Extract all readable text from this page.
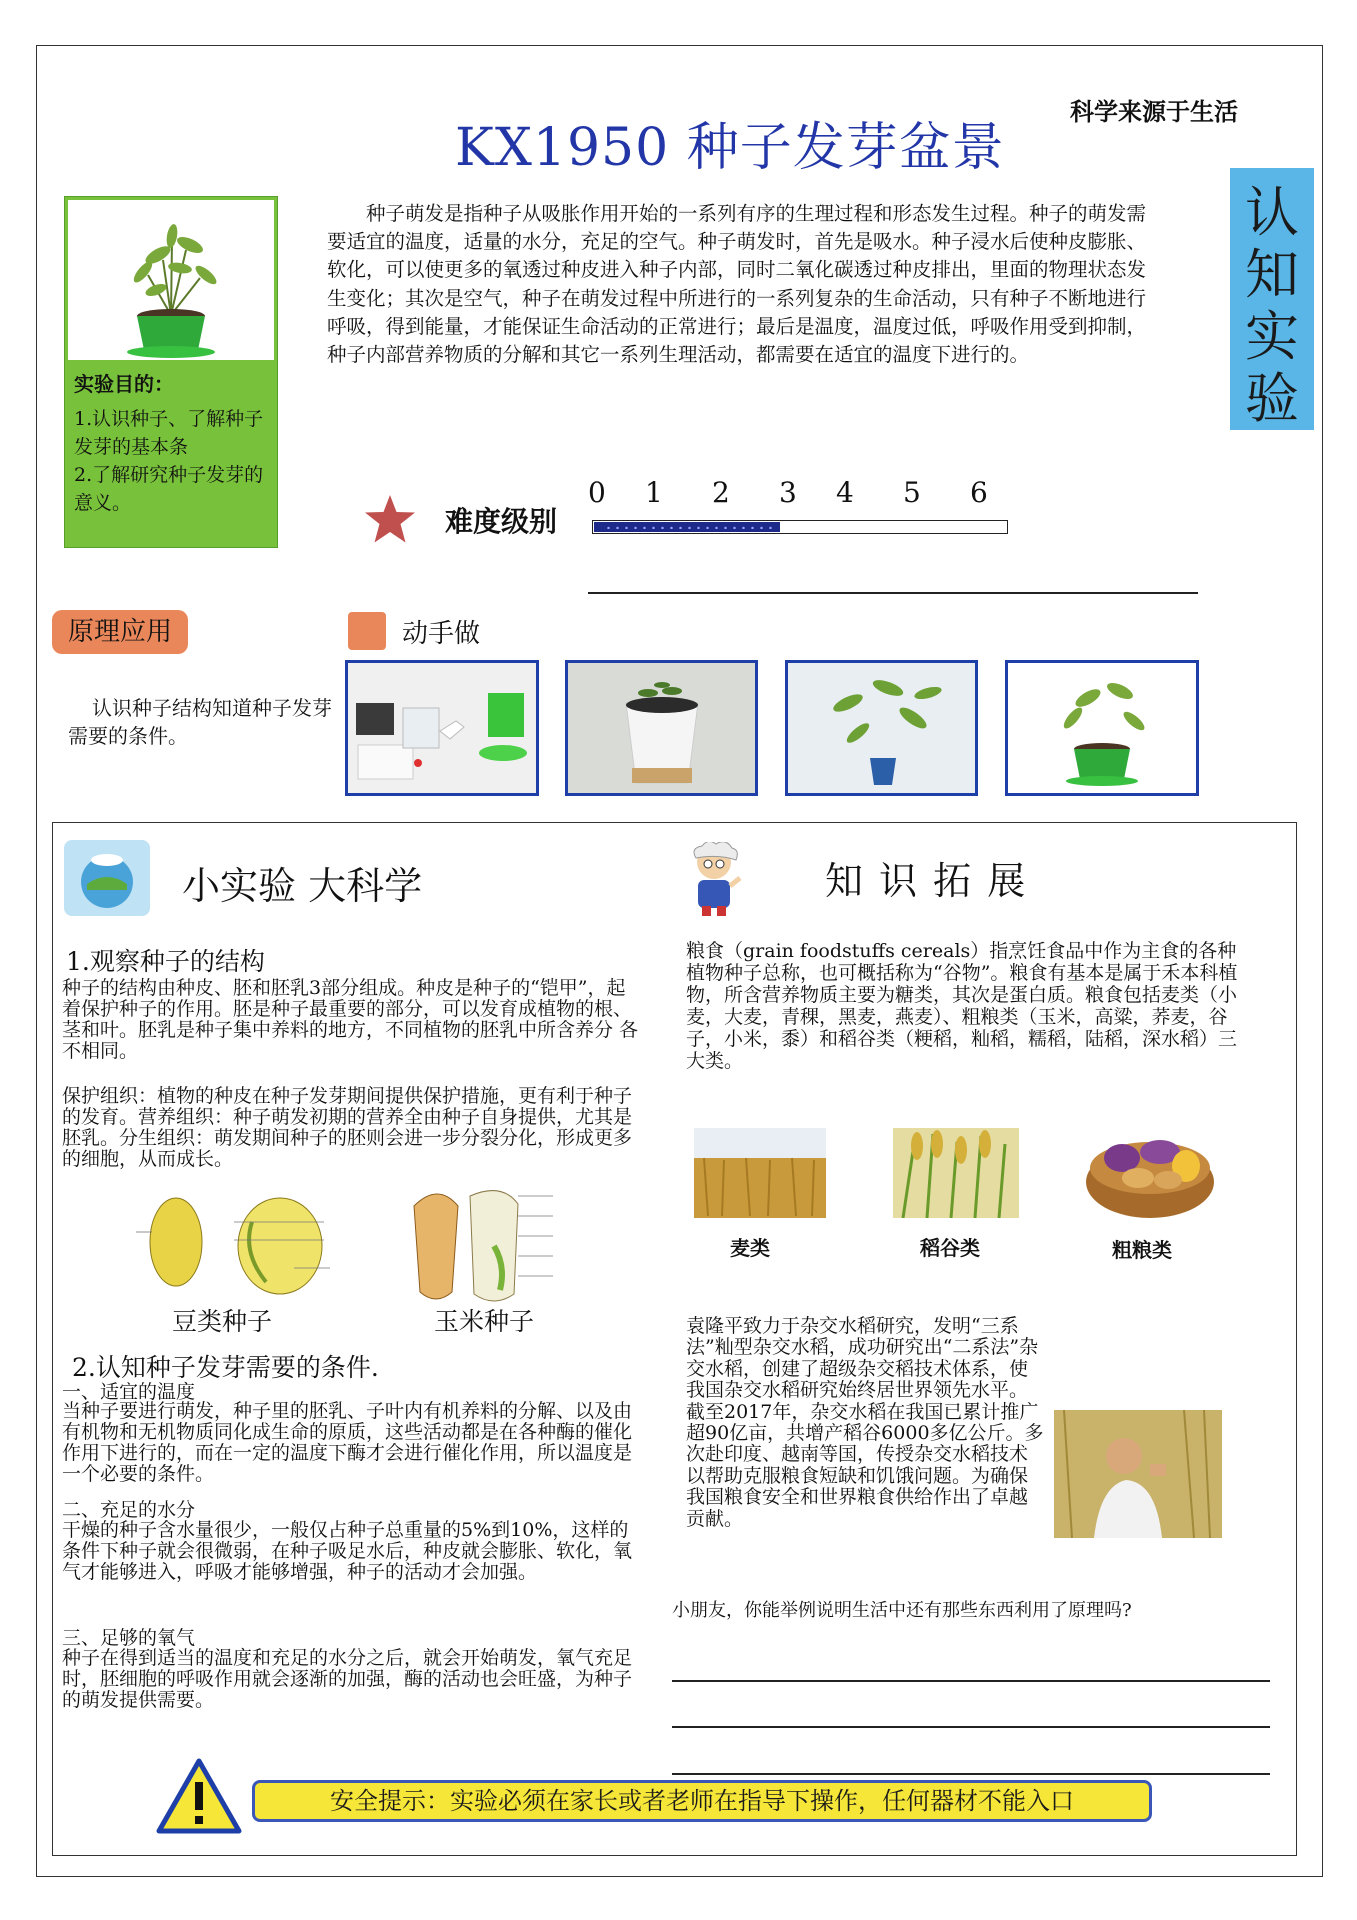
科学来源于生活
KX1950 种子发芽盆景
认知实验
实验目的：
1.认识种子、了解种子发芽的基本条
2.了解研究种子发芽的意义。
种子萌发是指种子从吸胀作用开始的一系列有序的生理过程和形态发生过程。种子的萌发需要适宜的温度，适量的水分，充足的空气。种子萌发时，首先是吸水。种子浸水后使种皮膨胀、软化，可以使更多的氧透过种皮进入种子内部，同时二氧化碳透过种皮排出，里面的物理状态发生变化；其次是空气，种子在萌发过程中所进行的一系列复杂的生命活动，只有种子不断地进行呼吸，得到能量，才能保证生命活动的正常进行；最后是温度，温度过低，呼吸作用受到抑制，种子内部营养物质的分解和其它一系列生理活动，都需要在适宜的温度下进行的。
难度级别
0 1 2 3 4 5 6
原理应用
认识种子结构知道种子发芽需要的条件。
动手做
小实验 大科学	知 识 拓 展
1.观察种子的结构
种子的结构由种皮、胚和胚乳3部分组成。种皮是种子的“铠甲”，起着保护种子的作用。胚是种子最重要的部分，可以发育成植物的根、茎和叶。胚乳是种子集中养料的地方，不同植物的胚乳中所含养分 各不相同。
保护组织：植物的种皮在种子发芽期间提供保护措施，更有利于种子的发育。营养组织：种子萌发初期的营养全由种子自身提供，尤其是胚乳。分生组织：萌发期间种子的胚则会进一步分裂分化，形成更多的细胞，从而成长。
豆类种子	玉米种子
2.认知种子发芽需要的条件.
一、适宜的温度
当种子要进行萌发，种子里的胚乳、子叶内有机养料的分解、以及由有机物和无机物质同化成生命的原质，这些活动都是在各种酶的催化作用下进行的，而在一定的温度下酶才会进行催化作用，所以温度是一个必要的条件。
二、充足的水分
干燥的种子含水量很少，一般仅占种子总重量的5%到10%，这样的条件下种子就会很微弱，在种子吸足水后，种皮就会膨胀、软化，氧气才能够进入，呼吸才能够增强，种子的活动才会加强。
三、足够的氧气
种子在得到适当的温度和充足的水分之后，就会开始萌发，氧气充足时，胚细胞的呼吸作用就会逐渐的加强，酶的活动也会旺盛，为种子的萌发提供需要。
粮食（grain foodstuffs cereals）指烹饪食品中作为主食的各种植物种子总称，也可概括称为“谷物”。粮食有基本是属于禾本科植物，所含营养物质主要为糖类，其次是蛋白质。粮食包括麦类（小麦，大麦，青稞，黑麦，燕麦）、粗粮类（玉米，高粱，荞麦，谷子，小米，黍）和稻谷类（粳稻，籼稻，糯稻，陆稻，深水稻）三大类。
麦类	稻谷类	粗粮类
袁隆平致力于杂交水稻研究，发明“三系法”籼型杂交水稻，成功研究出“二系法”杂交水稻，创建了超级杂交稻技术体系，使我国杂交水稻研究始终居世界领先水平。截至2017年，杂交水稻在我国已累计推广超90亿亩，共增产稻谷6000多亿公斤。多次赴印度、越南等国，传授杂交水稻技术以帮助克服粮食短缺和饥饿问题。为确保我国粮食安全和世界粮食供给作出了卓越贡献。
小朋友，你能举例说明生活中还有那些东西利用了原理吗?
安全提示：实验必须在家长或者老师在指导下操作，任何器材不能入口
